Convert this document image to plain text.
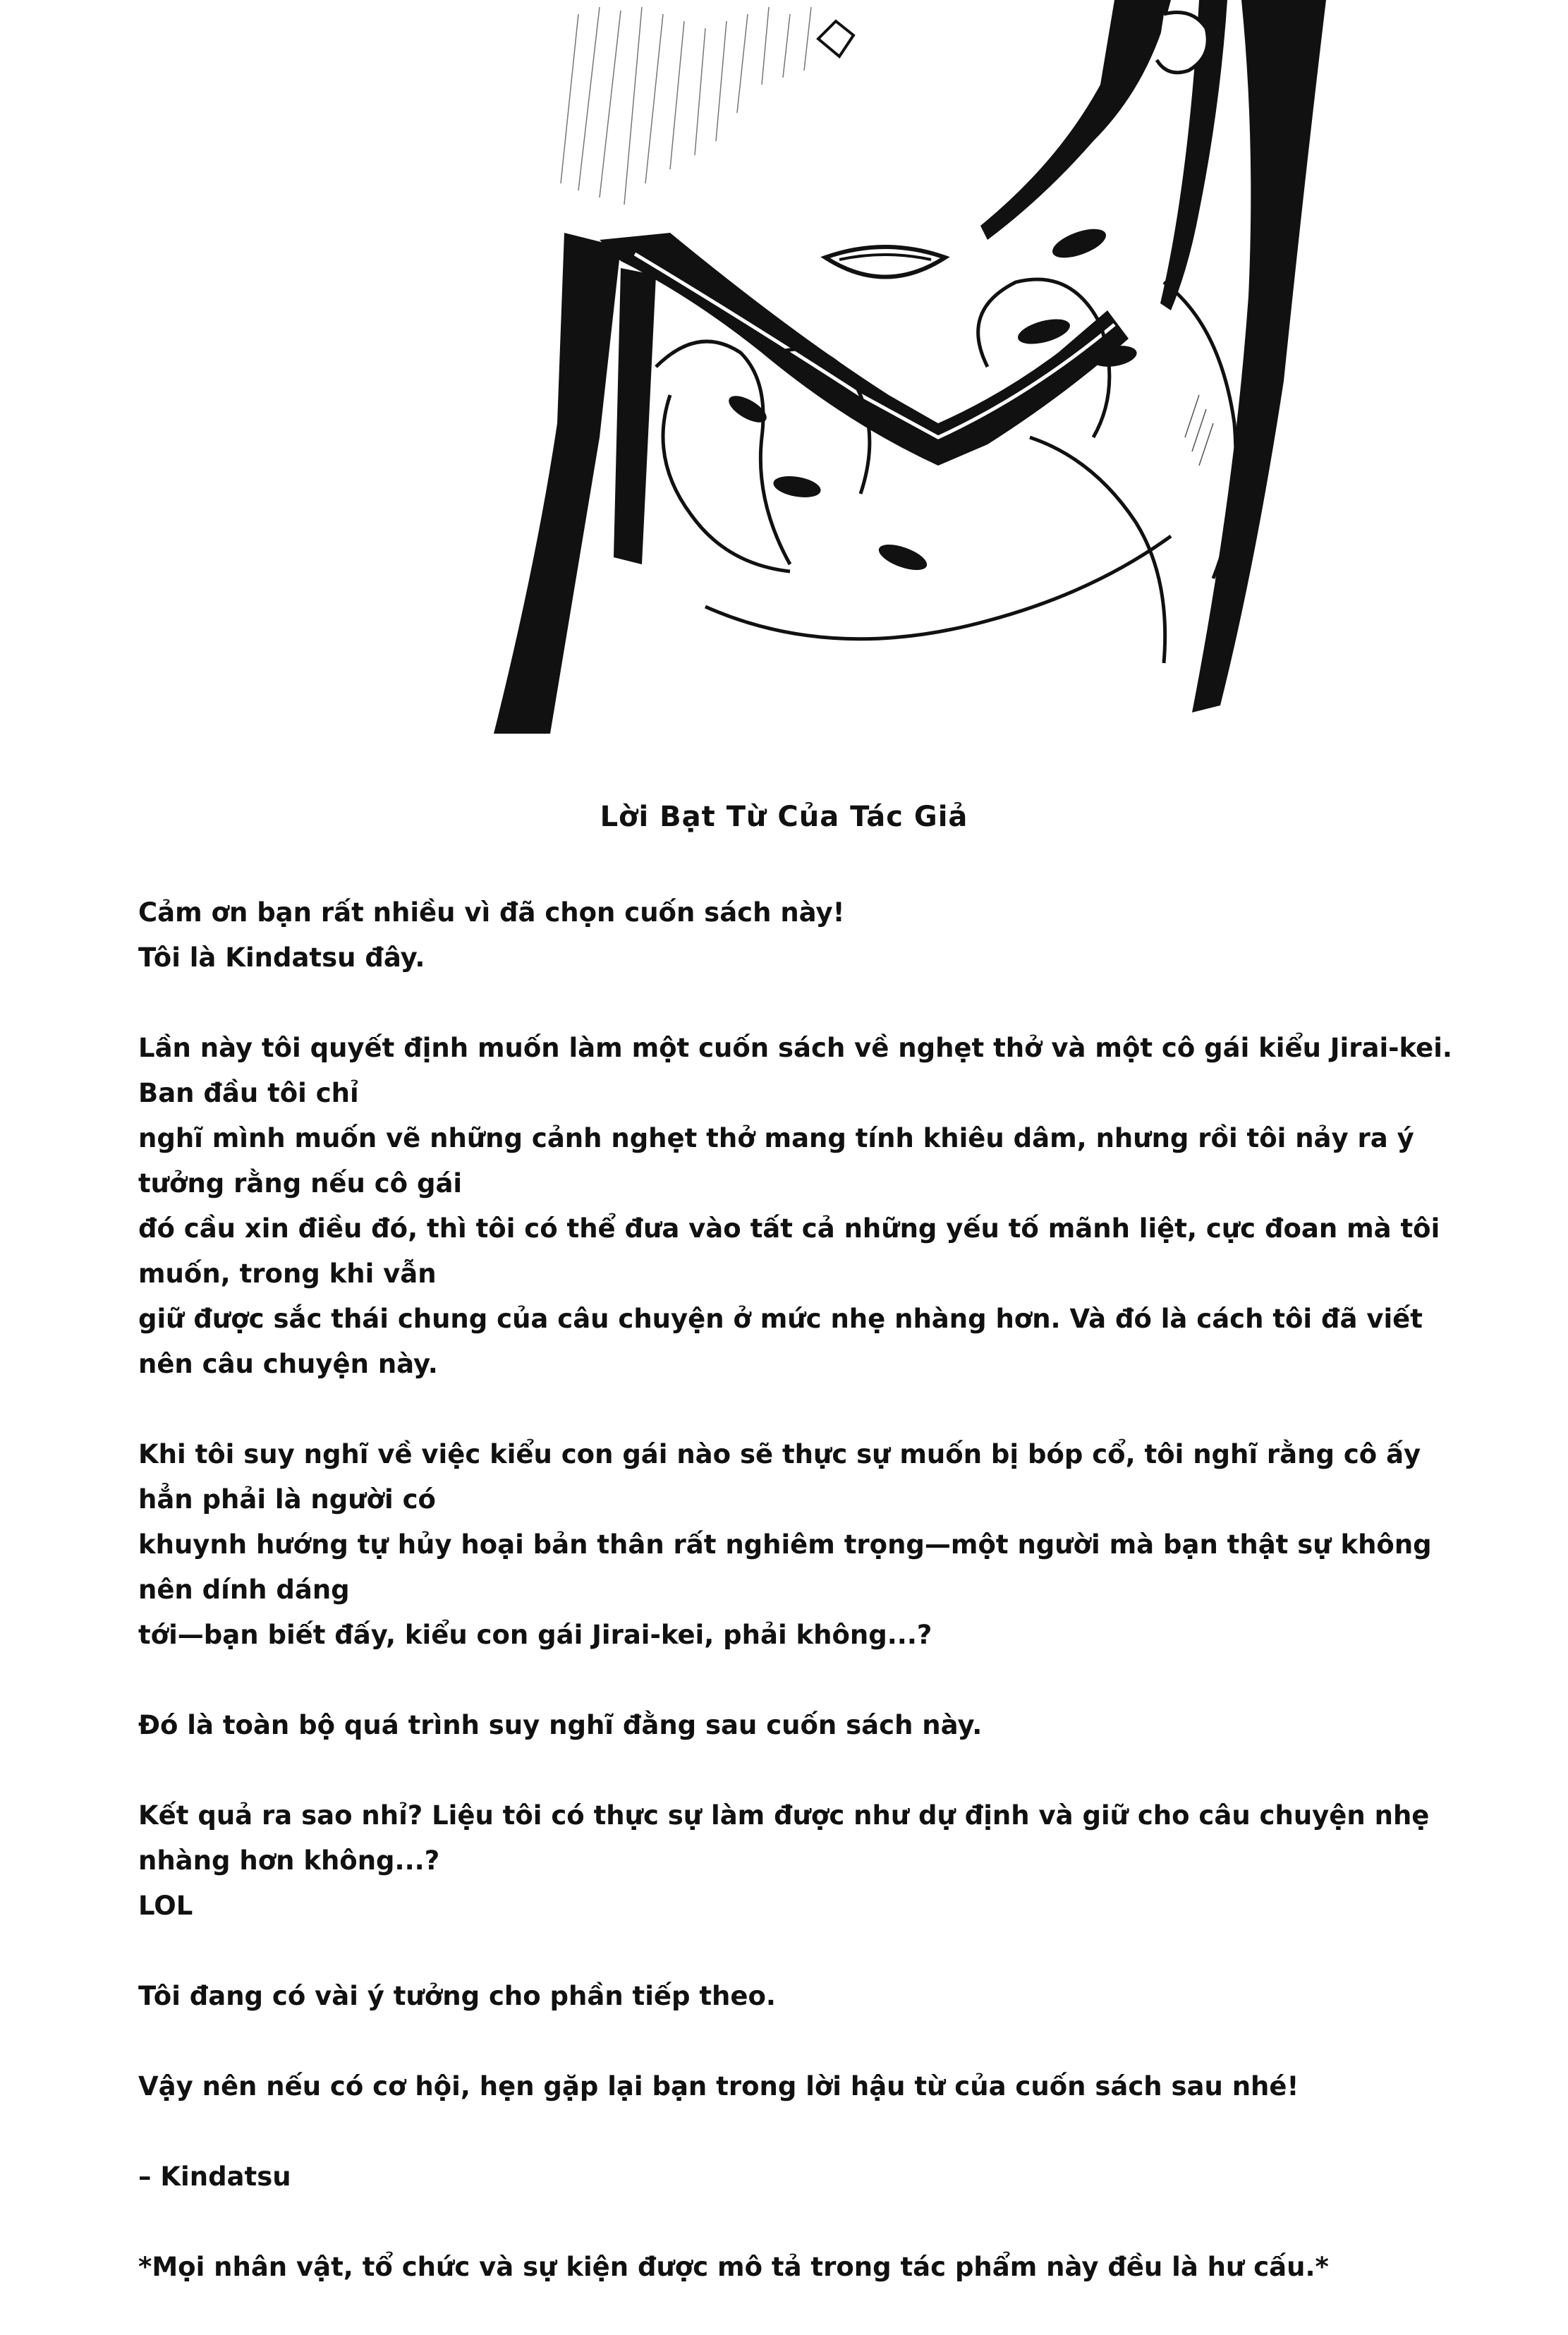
Lời Bạt Từ Của Tác Giả

Cảm ơn bạn rất nhiều vì đã chọn cuốn sách này!
Tôi là Kindatsu đây.

Lần này tôi quyết định muốn làm một cuốn sách về nghẹt thở và một cô gái kiểu Jirai-kei. Ban đầu tôi chỉ
nghĩ mình muốn vẽ những cảnh nghẹt thở mang tính khiêu dâm, nhưng rồi tôi nảy ra ý tưởng rằng nếu cô gái
đó cầu xin điều đó, thì tôi có thể đưa vào tất cả những yếu tố mãnh liệt, cực đoan mà tôi muốn, trong khi vẫn
giữ được sắc thái chung của câu chuyện ở mức nhẹ nhàng hơn. Và đó là cách tôi đã viết nên câu chuyện này.

Khi tôi suy nghĩ về việc kiểu con gái nào sẽ thực sự muốn bị bóp cổ, tôi nghĩ rằng cô ấy hẳn phải là người có
khuynh hướng tự hủy hoại bản thân rất nghiêm trọng—một người mà bạn thật sự không nên dính dáng
tới—bạn biết đấy, kiểu con gái Jirai-kei, phải không...?

Đó là toàn bộ quá trình suy nghĩ đằng sau cuốn sách này.

Kết quả ra sao nhỉ? Liệu tôi có thực sự làm được như dự định và giữ cho câu chuyện nhẹ nhàng hơn không...?
LOL

Tôi đang có vài ý tưởng cho phần tiếp theo.

Vậy nên nếu có cơ hội, hẹn gặp lại bạn trong lời hậu từ của cuốn sách sau nhé!

– Kindatsu

*Mọi nhân vật, tổ chức và sự kiện được mô tả trong tác phẩm này đều là hư cấu.*
